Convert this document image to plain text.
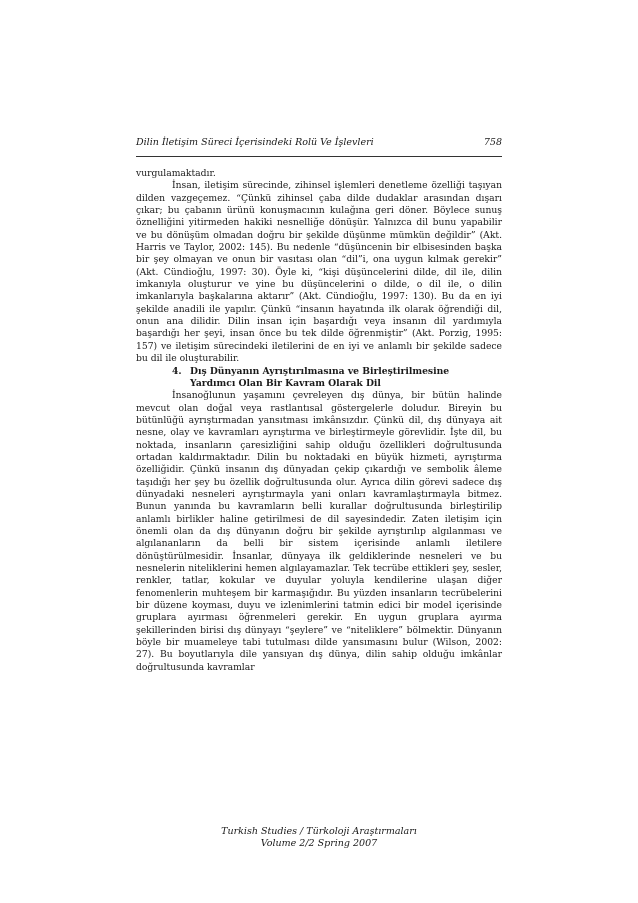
Dilin İletişim Süreci İçerisindeki Rolü Ve İşlevleri	758

vurgulamaktadır.

İnsan, iletişim sürecinde, zihinsel işlemleri denetleme özelliği taşıyan dilden vazgeçemez. “Çünkü zihinsel çaba dilde dudaklar arasından dışarı çıkar; bu çabanın ürünü konuşmacının kulağına geri döner. Böylece sunuş öznelliğini yitirmeden hakiki nesnelliğe dönüşür. Yalnızca dil bunu yapabilir ve bu dönüşüm olmadan doğru bir şekilde düşünme mümkün değildir” (Akt. Harris ve Taylor, 2002: 145). Bu nedenle “düşüncenin bir elbisesinden başka bir şey olmayan ve onun bir vasıtası olan “dil”i, ona uygun kılmak gerekir” (Akt. Cündioğlu, 1997: 30). Öyle ki, “kişi düşüncelerini dilde, dil ile, dilin imkanıyla oluşturur ve yine bu düşüncelerini o dilde, o dil ile, o dilin imkanlarıyla başkalarına aktarır” (Akt. Cündioğlu, 1997: 130). Bu da en iyi şekilde anadili ile yapılır. Çünkü “insanın hayatında ilk olarak öğrendiği dil, onun ana dilidir. Dilin insan için başardığı veya insanın dil yardımıyla başardığı her şeyi, insan önce bu tek dilde öğrenmiştir” (Akt. Porzig, 1995: 157) ve iletişim sürecindeki iletilerini de en iyi ve anlamlı bir şekilde sadece bu dil ile oluşturabilir.

4. Dış Dünyanın Ayrıştırılmasına ve Birleştirilmesine
Yardımcı Olan Bir Kavram Olarak Dil

İnsanoğlunun yaşamını çevreleyen dış dünya, bir bütün halinde mevcut olan doğal veya rastlantısal göstergelerle doludur. Bireyin bu bütünlüğü ayrıştırmadan yansıtması imkânsızdır. Çünkü dil, dış dünyaya ait nesne, olay ve kavramları ayrıştırma ve birleştirmeyle görevlidir. İşte dil, bu noktada, insanların çaresizliğini sahip olduğu özellikleri doğrultusunda ortadan kaldırmaktadır. Dilin bu noktadaki en büyük hizmeti, ayrıştırma özelliğidir. Çünkü insanın dış dünyadan çekip çıkardığı ve sembolik âleme taşıdığı her şey bu özellik doğrultusunda olur. Ayrıca dilin görevi sadece dış dünyadaki nesneleri ayrıştırmayla yani onları kavramlaştırmayla bitmez. Bunun yanında bu kavramların belli kurallar doğrultusunda birleştirilip anlamlı birlikler haline getirilmesi de dil sayesindedir. Zaten iletişim için önemli olan da dış dünyanın doğru bir şekilde ayrıştırılıp algılanması ve algılananların da belli bir sistem içerisinde anlamlı iletilere dönüştürülmesidir. İnsanlar, dünyaya ilk geldiklerinde nesneleri ve bu nesnelerin niteliklerini hemen algılayamazlar. Tek tecrübe ettikleri şey, sesler, renkler, tatlar, kokular ve duyular yoluyla kendilerine ulaşan diğer fenomenlerin muhteşem bir karmaşığıdır. Bu yüzden insanların tecrübelerini bir düzene koyması, duyu ve izlenimlerini tatmin edici bir model içerisinde gruplara ayırması öğrenmeleri gerekir. En uygun gruplara ayırma şekillerinden birisi dış dünyayı “şeylere” ve “niteliklere” bölmektir. Dünyanın böyle bir muameleye tabi tutulması dilde yansımasını bulur (Wilson, 2002: 27). Bu boyutlarıyla dile yansıyan dış dünya, dilin sahip olduğu imkânlar doğrultusunda kavramlar

Turkish Studies / Türkoloji Araştırmaları
Volume 2/2 Spring 2007
